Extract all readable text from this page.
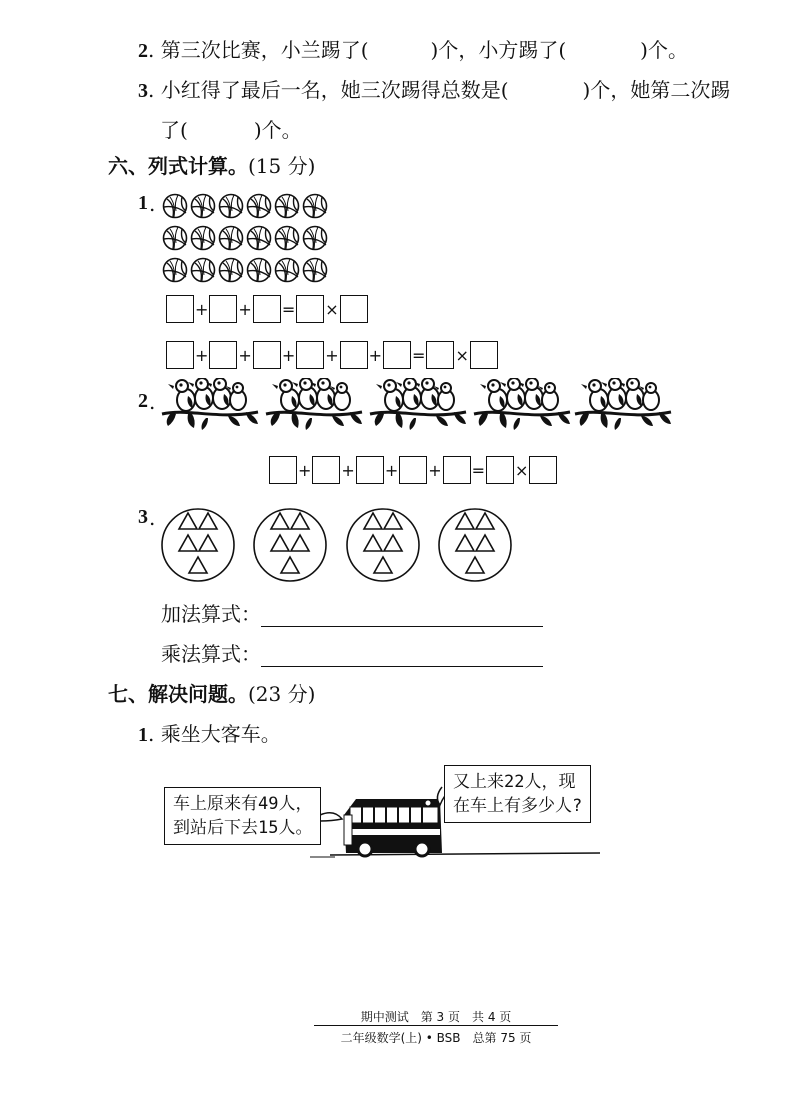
2. 第三次比赛，小兰踢了(	)个，小方踢了(	)个。
3. 小红得了最后一名，她三次踢得总数是(	)个，她第二次踢
了(	)个。
六、列式计算。(15 分)
1 .
+ + = ×
+ + + + + = ×
2 .
+ + + + = ×
3 .
加法算式：
乘法算式：
七、解决问题。(23 分)
1. 乘坐大客车。
车上原来有49人，
到站后下去15人。
又上来22人，现
在车上有多少人?
期中测试　第 3 页　共 4 页
二年级数学(上) • BSB　总第 75 页
